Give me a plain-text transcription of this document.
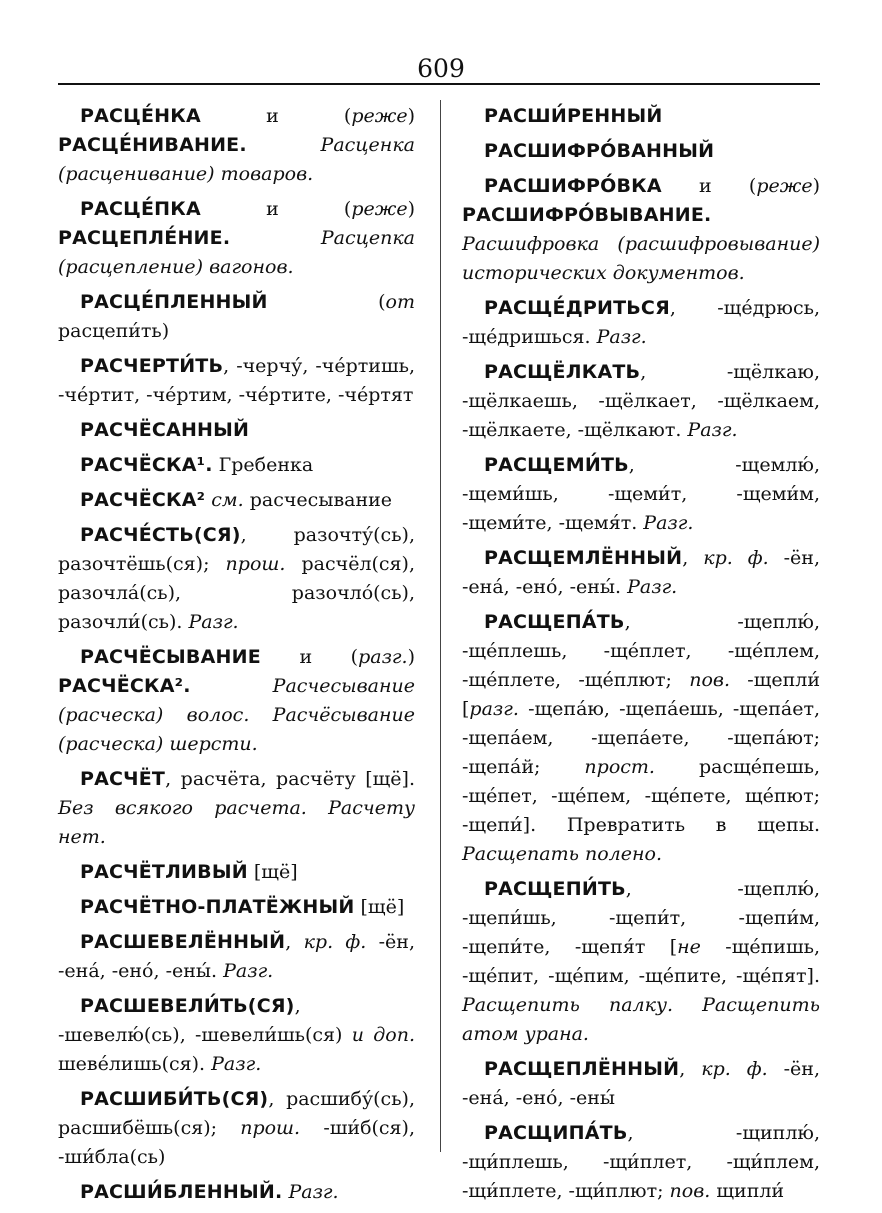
609

РАСЦЕ́НКА и (реже) РАСЦЕ́НИВАНИЕ.	Расценка (расценивание) товаров.

РАСЦЕ́ПКА и (реже) РАСЦЕПЛЕ́НИЕ.	Расцепка (расцепление) вагонов.

РАСЦЕ́ПЛЕННЫЙ (от расцепи́ть)

РАСЧЕРТИ́ТЬ, -черчу́, -че́ртишь, -че́ртит, -че́ртим, -че́ртите, -че́ртят

РАСЧЁСАННЫЙ

РАСЧЁСКА¹. Гребенка

РАСЧЁСКА² см. расчесывание

РАСЧЕ́СТЬ(СЯ), разочту́(сь), разочтёшь(ся); прош. расчёл(ся), разочла́(сь), разочло́(сь), разочли́(сь). Разг.

РАСЧЁСЫВАНИЕ и (разг.) РАСЧЁСКА².	Расчесывание (расческа) волос. Расчёсывание (расческа) шерсти.

РАСЧЁТ, расчёта, расчёту [щё]. Без всякого расчета. Расчету нет.

РАСЧЁТЛИВЫЙ [щё]

РАСЧЁТНО-ПЛАТЁЖНЫЙ [щё]

РАСШЕВЕЛЁННЫЙ, кр. ф. -ён, -ена́, -ено́, -ены́. Разг.

РАСШЕВЕЛИ́ТЬ(СЯ), -шевелю́(сь), -шевели́шь(ся) и доп. шеве́лишь(ся). Разг.

РАСШИБИ́ТЬ(СЯ), расшибу́(сь), расшибёшь(ся); прош. -ши́б(ся), -ши́бла(сь)

РАСШИ́БЛЕННЫЙ. Разг.

РАСШИ́РЕННЫЙ

РАСШИФРО́ВАННЫЙ

РАСШИФРО́ВКА и (реже) РАСШИФРО́ВЫВАНИЕ. Расшифровка (расшифровывание) исторических документов.

РАСЩЕ́ДРИТЬСЯ, -ще́дрюсь, -ще́дришься. Разг.

РАСЩЁЛКАТЬ, -щёлкаю, -щёлкаешь, -щёлкает, -щёлкаем, -щёлкаете, -щёлкают. Разг.

РАСЩЕМИ́ТЬ, -щемлю́, -щеми́шь, -щеми́т, -щеми́м, -щеми́те, -щемя́т. Разг.

РАСЩЕМЛЁННЫЙ, кр. ф. -ён, -ена́, -ено́, -ены́. Разг.

РАСЩЕПА́ТЬ, -щеплю́, -ще́плешь, -ще́плет, -ще́плем, -ще́плете, -ще́плют; пов. -щепли́ [разг. -щепа́ю, -щепа́ешь, -щепа́ет, -щепа́ем, -щепа́ете, -щепа́ют; -щепа́й; прост. расще́пешь, -ще́пет, -ще́пем, -ще́пете, ще́пют; -щепи́]. Превратить в щепы. Расщепать полено.

РАСЩЕПИ́ТЬ, -щеплю́, -щепи́шь, -щепи́т, -щепи́м, -щепи́те, -щепя́т [не -ще́пишь, -ще́пит, -ще́пим, -ще́пите, -ще́пят]. Расщепить палку. Расщепить атом урана.

РАСЩЕПЛЁННЫЙ, кр. ф. -ён, -ена́, -ено́, -ены́

РАСЩИПА́ТЬ, -щиплю́, -щи́плешь, -щи́плет, -щи́плем, -щи́плете, -щи́плют; пов. щипли́
